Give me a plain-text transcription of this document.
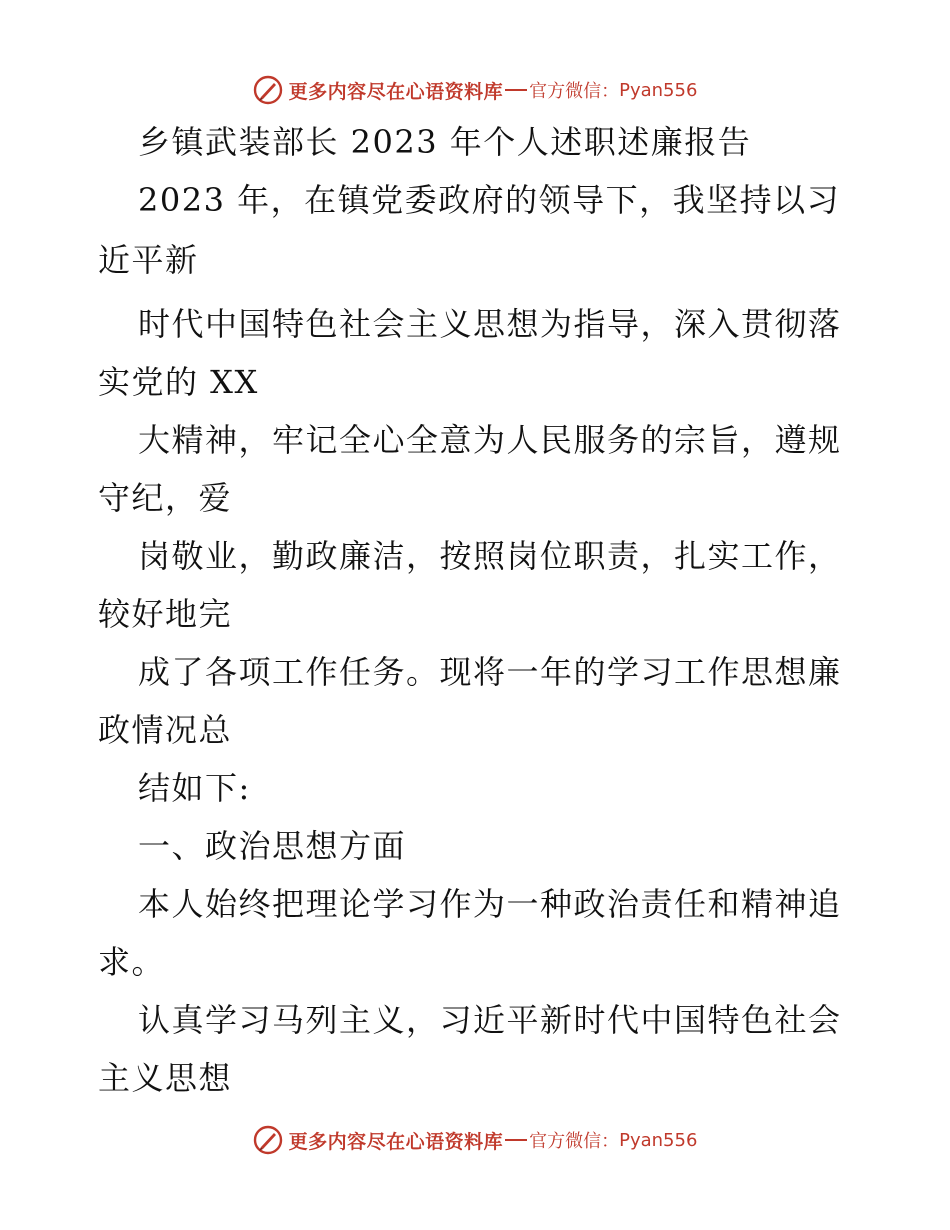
更多内容尽在心语资料库 官方微信： Pyan556
乡镇武装部长 2023 年个人述职述廉报告
2023 年，在镇党委政府的领导下，我坚持以习
近平新
时代中国特色社会主义思想为指导，深入贯彻落
实党的 XX
大精神，牢记全心全意为人民服务的宗旨，遵规
守纪，爱
岗敬业，勤政廉洁，按照岗位职责，扎实工作，
较好地完
成了各项工作任务。现将一年的学习工作思想廉
政情况总
结如下:
一、政治思想方面
本人始终把理论学习作为一种政治责任和精神追
求。
认真学习马列主义，习近平新时代中国特色社会
主义思想
更多内容尽在心语资料库 官方微信： Pyan556
